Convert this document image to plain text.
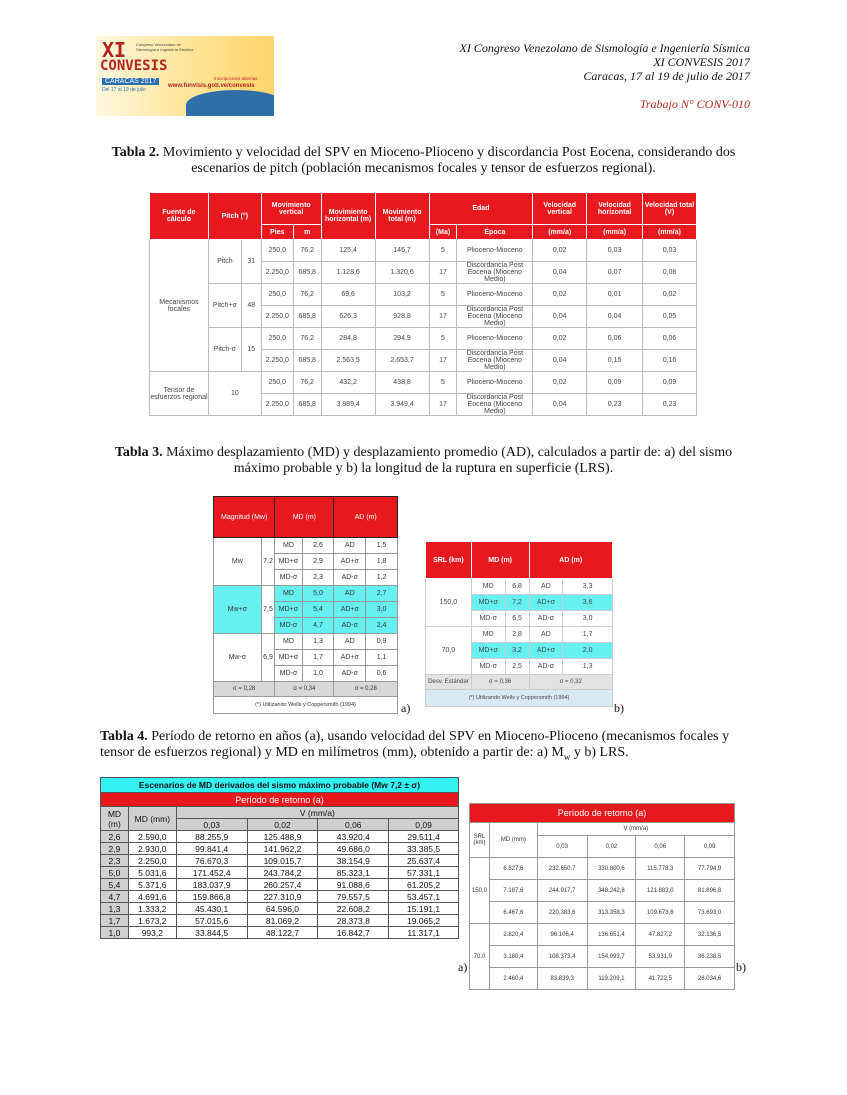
XI Congreso Venezolano de Sismología e Ingeniería Sísmica
CONVESIS
CARACAS 2017
Del 17 al 19 de julio
Inscripciones abiertas
www.funvisis.gob.ve/convesis
XI Congreso Venezolano de Sismología e Ingeniería Sísmica
XI CONVESIS 2017
Caracas, 17 al 19 de julio de 2017
Trabajo N° CONV-010
Tabla 2. Movimiento y velocidad del SPV en Mioceno-Plioceno y discordancia Post Eocena, considerando dos escenarios de pitch (población mecanismos focales y tensor de esfuerzos regional).
Fuente de cálculo	Pitch (°)		Movimiento vertical		Movimiento horizontal (m)	Movimiento total (m)	Edad		Velocidad vertical	Velocidad horizontal	Velocidad total (V)
			Pies	m			(Ma)	Época	(mm/a)	(mm/a)	(mm/a)
Mecanismos focales	Pitch	31	250,0	76,2	125,4	146,7	5	Plioceno-Mioceno	0,02	0,03	0,03
			2.250,0	685,8	1.128,6	1.320,6	17	Discordancia Post Eocena (Mioceno Medio)	0,04	0,07	0,08
	Pitch+σ	48	250,0	76,2	69,6	103,2	5	Plioceno-Mioceno	0,02	0,01	0,02
			2.250,0	685,8	626,3	928,8	17	Discordancia Post Eocena (Mioceno Medio)	0,04	0,04	0,05
	Pitch-σ	15	250,0	76,2	284,8	294,9	5	Plioceno-Mioceno	0,02	0,06	0,06
			2.250,0	685,8	2.563,5	2.653,7	17	Discordancia Post Eocena (Mioceno Medio)	0,04	0,15	0,16
Tensor de esfuerzos regional	10		250,0	76,2	432,2	438,8	5	Plioceno-Mioceno	0,02	0,09	0,09
			2.250,0	685,8	3.889,4	3.949,4	17	Discordancia Post Eocena (Mioceno Medio)	0,04	0,23	0,23
Tabla 3. Máximo desplazamiento (MD) y desplazamiento promedio (AD), calculados a partir de: a) del sismo máximo probable y b) la longitud de la ruptura en superficie (LRS).
Magnitud (Mw)		MD (m)		AD (m)	
Mw	7,2	MD	2,6	AD	1,5
		MD+σ	2,9	AD+σ	1,8
		MD-σ	2,3	AD-σ	1,2
Mw+σ	7,5	MD	5,0	AD	2,7
		MD+σ	5,4	AD+σ	3,0
		MD-σ	4,7	AD-σ	2,4
Mw-σ	6,9	MD	1,3	AD	0,9
		MD+σ	1,7	AD+σ	1,1
		MD-σ	1,0	AD-σ	0,6
σ = 0,28		σ = 0,34		σ = 0,28	
(*) Utilizando Wells y Coppersmith (1994)						a)
SRL (km)	MD (m)		AD (m)	
150,0	MD	6,8	AD	3,3
	MD+σ	7,2	AD+σ	3,6
	MD-σ	6,5	AD-σ	3,0
70,0	MD	2,8	AD	1,7
	MD+σ	3,2	AD+σ	2,0
	MD-σ	2,5	AD-σ	1,3
Desv. Estándar	σ = 0,36		σ = 0,32	
(*) Utilizando Wells y Coppersmith (1994)				
b)
Tabla 4. Período de retorno en años (a), usando velocidad del SPV en Mioceno-Plioceno (mecanismos focales y tensor de esfuerzos regional) y MD en milímetros (mm), obtenido a partir de: a) $M_w$ y b) LRS.
Escenarios de MD derivados del sismo máximo probable (Mw 7,2 ± σ)					
Período de retorno (a)					
MD (m)	MD (mm)	V (mm/a)			
		0,03	0,02	0,06	0,09
2,6	2.590,0	88.255,9	125.488,9	43.920,4	29.511,4
2,9	2.930,0	99.841,4	141.962,2	49.686,0	33.385,5
2,3	2.250,0	76.670,3	109.015,7	38.154,9	25.637,4
5,0	5.031,6	171.452,4	243.784,2	85.323,1	57.331,1
5,4	5.371,6	183.037,9	260.257,4	91.088,6	61.205,2
4,7	4.691,6	159.866,8	227.310,9	79.557,5	53.457,1
1,3	1.333,2	45.430,1	64.596,0	22.608,2	15.191,1
1,7	1.673,2	57.015,6	81.069,2	28.373,8	19.065,2
1,0	993,2	33.844,5	48.122,7	16.842,7	11.317,1
a)
Período de retorno (a)					
SRL (km)	MD (mm)	V (mm/a)			
		0,03	0,02	0,06	0,09
150,0	6.827,6	232.650,7	330.800,6	115.778,3	77.794,9
	7.187,6	244.917,7	348.242,8	121.883,0	81.896,8
	6.467,6	220.383,6	313.358,3	109.673,6	73.693,0
70,0	2.820,4	96.106,4	136.651,4	47.827,2	32.136,5
	3.180,4	108.373,4	154.093,7	53.931,9	36.238,5
	2.460,4	83.839,3	119.209,1	41.722,5	28.034,6
b)
